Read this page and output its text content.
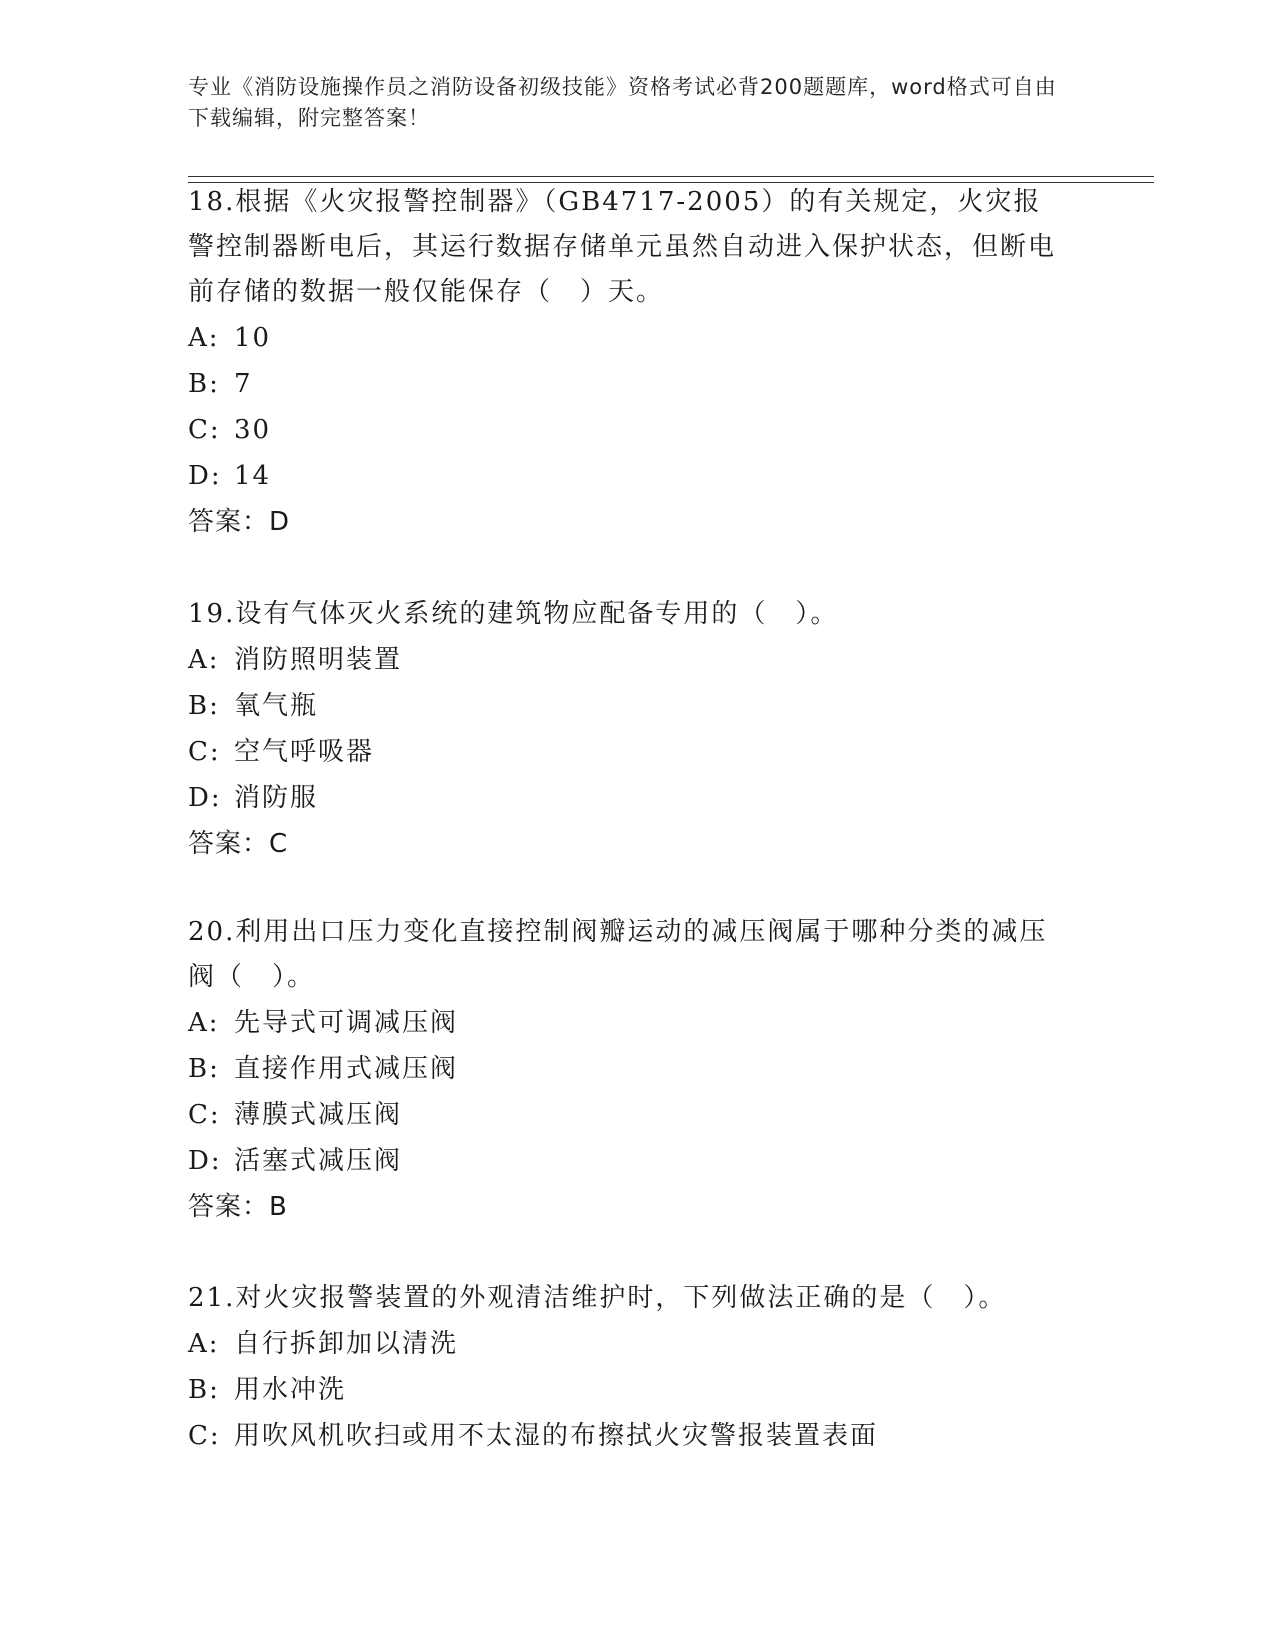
专业《消防设施操作员之消防设备初级技能》资格考试必背200题题库，word格式可自由下载编辑，附完整答案！

18.根据《火灾报警控制器》（GB4717-2005）的有关规定，火灾报警控制器断电后，其运行数据存储单元虽然自动进入保护状态，但断电前存储的数据一般仅能保存（　）天。

A: 10

B: 7

C: 30

D: 14

答案：D

19.设有气体灭火系统的建筑物应配备专用的（　）。

A: 消防照明装置

B: 氧气瓶

C: 空气呼吸器

D: 消防服

答案：C

20.利用出口压力变化直接控制阀瓣运动的减压阀属于哪种分类的减压阀（　）。

A: 先导式可调减压阀

B: 直接作用式减压阀

C: 薄膜式减压阀

D: 活塞式减压阀

答案：B

21.对火灾报警装置的外观清洁维护时，下列做法正确的是（　）。

A: 自行拆卸加以清洗

B: 用水冲洗

C: 用吹风机吹扫或用不太湿的布擦拭火灾警报装置表面
